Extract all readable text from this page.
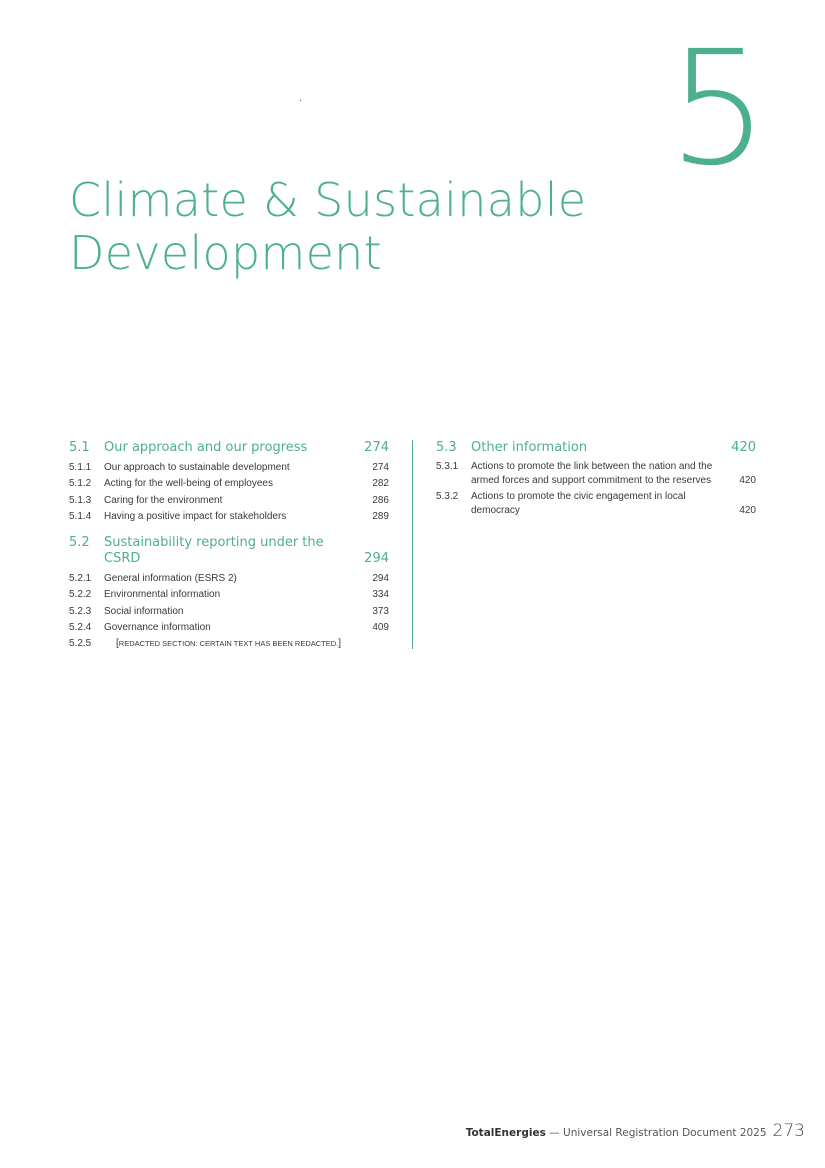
5
Climate & Sustainable Development
5.1	Our approach and our progress	274
5.1.1	Our approach to sustainable development	274
5.1.2	Acting for the well-being of employees	282
5.1.3	Caring for the environment	286
5.1.4	Having a positive impact for stakeholders	289
5.2	Sustainability reporting under the CSRD	294
5.2.1	General information (ESRS 2)	294
5.2.2	Environmental information	334
5.2.3	Social information	373
5.2.4	Governance information	409
5.2.5	[REDACTED SECTION: CERTAIN TEXT HAS BEEN REDACTED.]
5.3	Other information	420
5.3.1	Actions to promote the link between the nation and the armed forces and support commitment to the reserves	420
5.3.2	Actions to promote the civic engagement in local democracy	420
TotalEnergies — Universal Registration Document 2025 273
